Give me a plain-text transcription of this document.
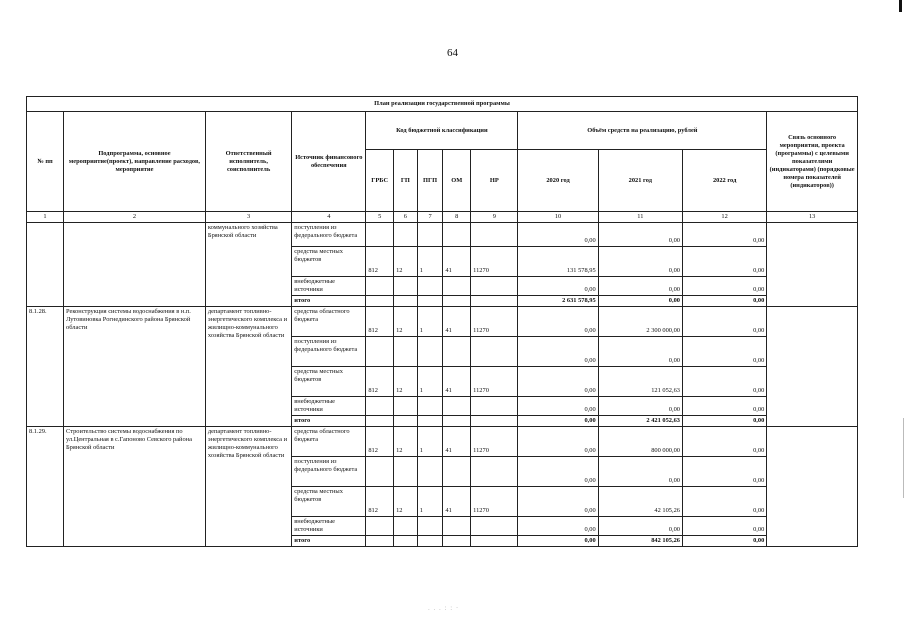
64
План реализации государственной программы												
№ пп	Подпрограмма, основное мероприятие(проект), направление расходов, мероприятие	Ответственный исполнитель, соисполнитель	Источник финансового обеспечения	Код бюджетной классификации					Объём средств на реализацию, рублей			Связь основного мероприятия, проекта (программы) с целевыми показателями (индикаторами) (порядковые номера показателей (индикаторов))
				ГРБС	ГП	ПГП	ОМ	НР	2020 год	2021 год	2022 год	
1	2	3	4	5	6	7	8	9	10	11	12	13
		коммунального хозяйства Брянской области	поступления из федерального бюджета						0,00	0,00	0,00	
			средства местных бюджетов	812	12	1	41	11270	131 578,95	0,00	0,00	
			внебюджетные источники						0,00	0,00	0,00	
			итого						2 631 578,95	0,00	0,00	
8.1.28.	Реконструкция системы водоснабжения в н.п. Лутовиновка Рогнединского района Брянской области	департамент топливно-энергетического комплекса и жилищно-коммунального хозяйства Брянской области	средства областного бюджета	812	12	1	41	11270	0,00	2 300 000,00	0,00	
			поступления из федерального бюджета						0,00	0,00	0,00	
			средства местных бюджетов	812	12	1	41	11270	0,00	121 052,63	0,00	
			внебюджетные источники						0,00	0,00	0,00	
			итого						0,00	2 421 052,63	0,00	
8.1.29.	Строительство системы водоснабжения по ул.Центральная в с.Гапоново Севского района Брянской области	департамент топливно-энергетического комплекса и жилищно-коммунального хозяйства Брянской области	средства областного бюджета	812	12	1	41	11270	0,00	800 000,00	0,00	
			поступления из федерального бюджета						0,00	0,00	0,00	
			средства местных бюджетов	812	12	1	41	11270	0,00	42 105,26	0,00	
			внебюджетные источники						0,00	0,00	0,00	
			итого						0,00	842 105,26	0,00	
. . . : : ·
